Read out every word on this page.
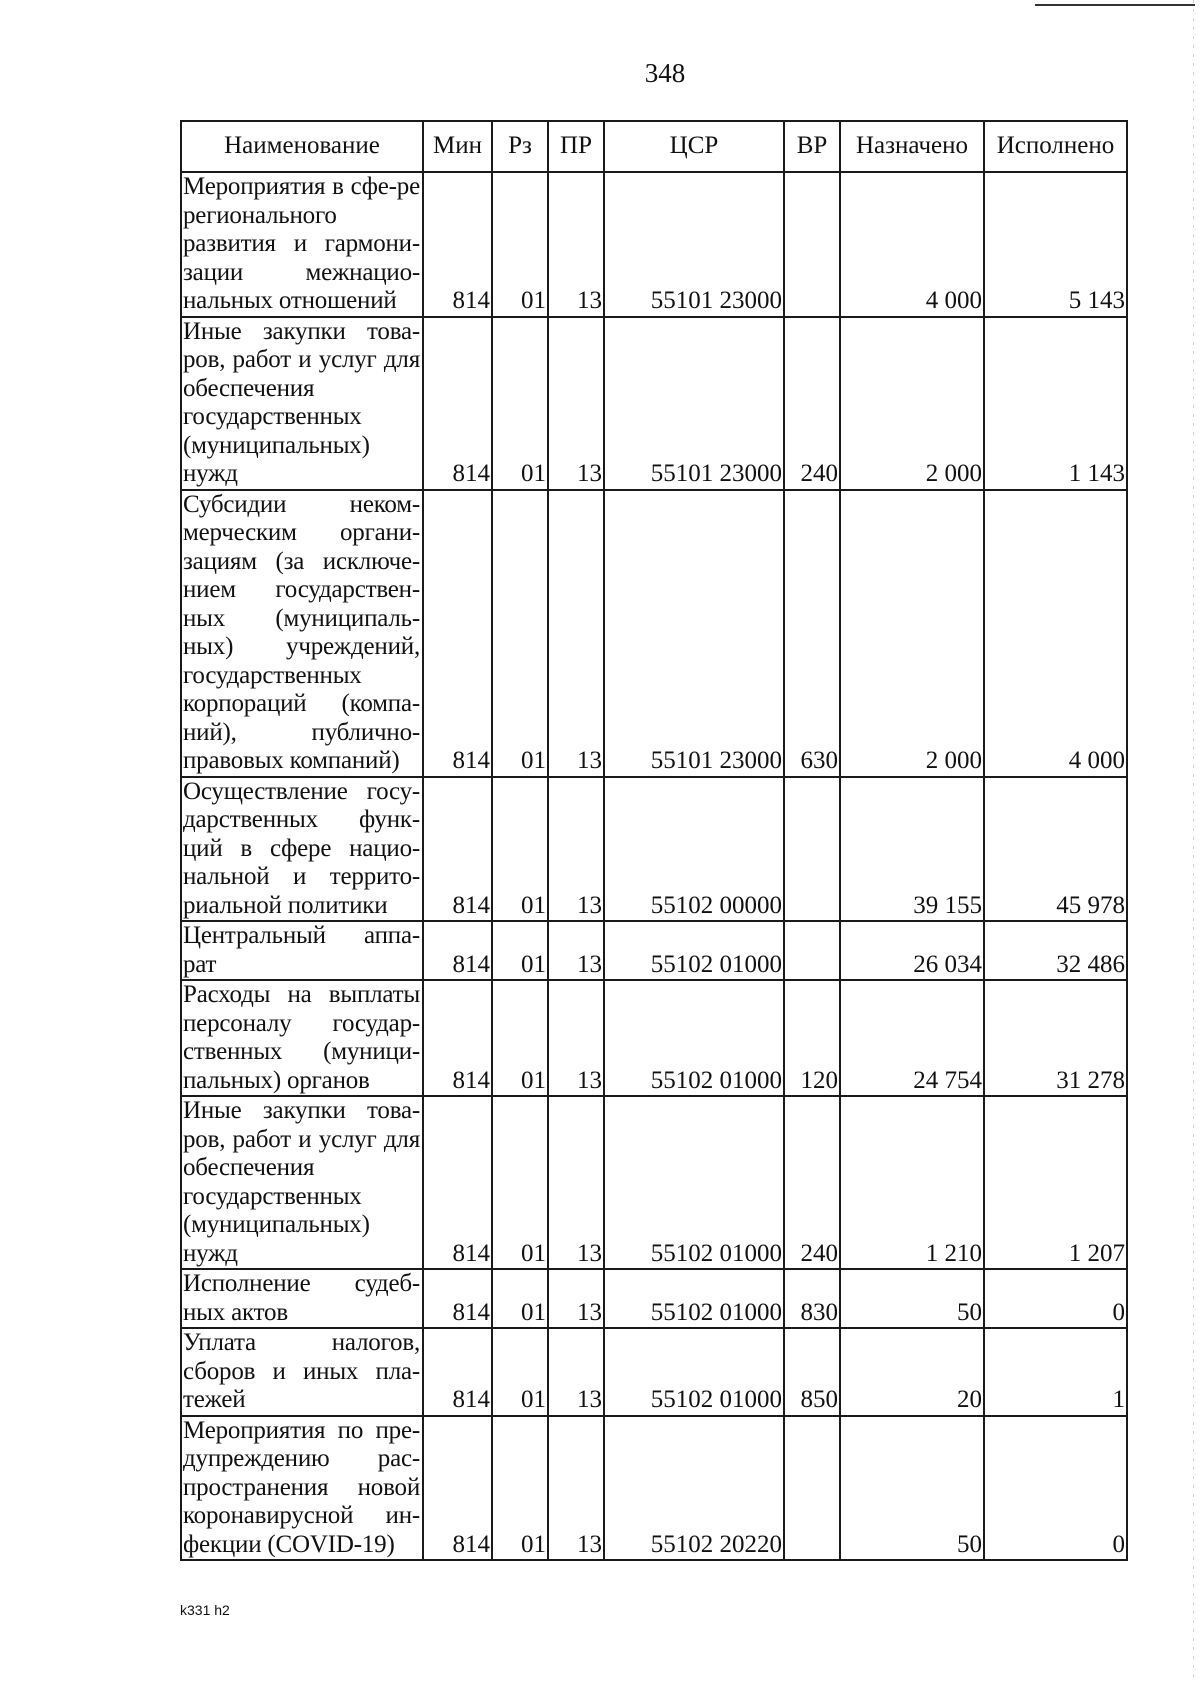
348
Наименование	Мин	Рз	ПР	ЦСР	ВР	Назначено	Исполнено
Мероприятия в сфе-ре регионального развития и гармони-зации межнацио-нальных отношений	814	01	13	55101 23000		4 000	5 143
Иные закупки това-ров, работ и услуг для обеспечения государственных (муниципальных) нужд	814	01	13	55101 23000	240	2 000	1 143
Субсидии неком-мерческим органи-зациям (за исключе-нием государствен-ных (муниципаль-ных) учреждений, государственных корпораций (компа-ний), публично-правовых компаний)	814	01	13	55101 23000	630	2 000	4 000
Осуществление госу-дарственных функ-ций в сфере нацио-нальной и террито-риальной политики	814	01	13	55102 00000		39 155	45 978
Центральный аппа-рат	814	01	13	55102 01000		26 034	32 486
Расходы на выплаты персоналу государ-ственных (муници-пальных) органов	814	01	13	55102 01000	120	24 754	31 278
Иные закупки това-ров, работ и услуг для обеспечения государственных (муниципальных) нужд	814	01	13	55102 01000	240	1 210	1 207
Исполнение судеб-ных актов	814	01	13	55102 01000	830	50	0
Уплата налогов, сборов и иных пла-тежей	814	01	13	55102 01000	850	20	1
Мероприятия по пре-дупреждению рас-пространения новой коронавирусной ин-фекции (COVID-19)	814	01	13	55102 20220		50	0
k331 h2
